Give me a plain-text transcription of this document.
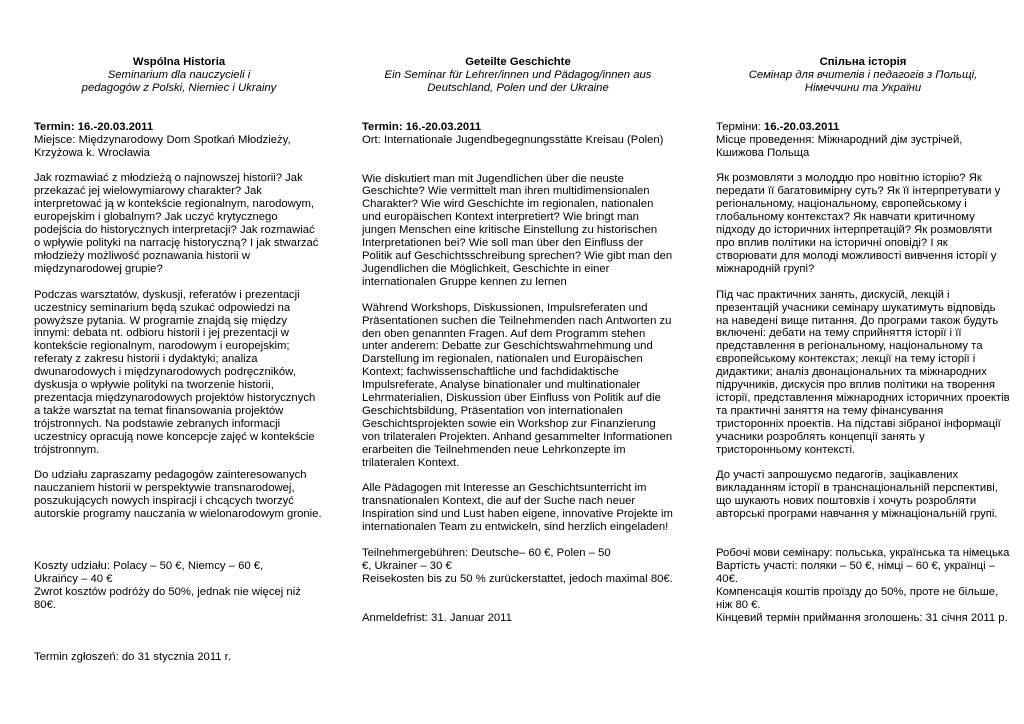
Wspólna Historia

Seminarium dla nauczycieli i pedagogów z Polski, Niemiec i Ukrainy

Termin: 16.-20.03.2011

Miejsce: Międzynarodowy Dom Spotkań Młodzieży, Krzyżowa k. Wrocławia

Jak rozmawiać z młodzieżą o najnowszej historii? Jak przekazać jej wielowymiarowy charakter? Jak interpretować ją w kontekście regionalnym, narodowym, europejskim i globalnym? Jak uczyć krytycznego podejścia do historycznych interpretacji? Jak rozmawiać o wpływie polityki na narrację historyczną? I jak stwarzać młodzieży możliwość poznawania historii w międzynarodowej grupie?

Podczas warsztatów, dyskusji, referatów i prezentacji uczestnicy seminarium będą szukać odpowiedzi na powyższe pytania. W programie znajdą się między innymi: debata nt. odbioru historii i jej prezentacji w kontekście regionalnym, narodowym i europejskim; referaty z zakresu historii i dydaktyki; analiza dwunarodowych i międzynarodowych podręczników, dyskusja o wpływie polityki na tworzenie historii, prezentacja międzynarodowych projektów historycznych a także warsztat na temat finansowania projektów trójstronnych. Na podstawie zebranych informacji uczestnicy opracują nowe koncepcje zajęć w kontekście trójstronnym.

Do udziału zapraszamy pedagogów zainteresowanych nauczaniem historii w perspektywie transnarodowej, poszukujących nowych inspiracji i chcących tworzyć autorskie programy nauczania w wielonarodowym gronie.

Koszty udziału: Polacy – 50 €, Niemcy – 60 €, Ukraińcy – 40 €

Zwrot kosztów podróży do 50%, jednak nie więcej niż 80€.

Termin zgłoszeń: do 31 stycznia 2011 r.

Geteilte Geschichte

Ein Seminar für Lehrer/innen und Pädagog/innen aus Deutschland, Polen und der Ukraine

Termin: 16.-20.03.2011

Ort: Internationale Jugendbegegnungsstätte Kreisau (Polen)

Wie diskutiert man mit Jugendlichen über die neuste Geschichte? Wie vermittelt man ihren multidimensionalen Charakter? Wie wird Geschichte im regionalen, nationalen und europäischen Kontext interpretiert? Wie bringt man jungen Menschen eine kritische Einstellung zu historischen Interpretationen bei? Wie soll man über den Einfluss der Politik auf Geschichtsschreibung sprechen? Wie gibt man den Jugendlichen die Möglichkeit, Geschichte in einer internationalen Gruppe kennen zu lernen

Während Workshops, Diskussionen, Impulsreferaten und Präsentationen suchen die Teilnehmenden nach Antworten zu den oben genannten Fragen. Auf dem Programm stehen unter anderem: Debatte zur Geschichtswahrnehmung und Darstellung im regionalen, nationalen und Europäischen Kontext; fachwissenschaftliche und fachdidaktische Impulsreferate, Analyse binationaler und multinationaler Lehrmaterialien, Diskussion über Einfluss von Politik auf die Geschichtsbildung, Präsentation von internationalen Geschichtsprojekten sowie ein Workshop zur Finanzierung von trilateralen Projekten. Anhand gesammelter Informationen erarbeiten die Teilnehmenden neue Lehrkonzepte im trilateralen Kontext.

Alle Pädagogen mit Interesse an Geschichtsunterricht im transnationalen Kontext, die auf der Suche nach neuer Inspiration sind und Lust haben eigene, innovative Projekte im internationalen Team zu entwickeln, sind herzlich eingeladen!

Teilnehmergebühren: Deutsche– 60 €, Polen – 50 €, Ukrainer – 30 €

Reisekosten bis zu 50 % zurückerstattet, jedoch maximal 80€.

Anmeldefrist: 31. Januar 2011

Спільна історія

Семінар для вчителів і педагогів з Польщі, Німеччини та України

Терміни: 16.-20.03.2011

Місце проведення: Міжнародний дім зустрічей, Кшижова Польща

Як розмовляти з молоддю про новітню історію? Як передати її багатовимірну суть? Як її інтерпретувати у регіональному, національному, європейському і глобальному контекстах? Як навчати критичному підходу до історичних інтерпретацій? Як розмовляти про вплив політики на історичні оповіді? І як створювати для молоді можливості вивчення історії у міжнародній групі?

Під час практичних занять, дискусій, лекцій і презентацій учасники семінару шукатимуть відповідь на наведені вище питання. До програми також будуть включені: дебати на тему сприйняття історії і її представлення в регіональному, національному та європейському контекстах; лекції на тему історії і дидактики; аналіз двонаціональних та міжнародних підручників, дискусія про вплив політики на творення історії, представлення міжнародних історичних проектів та практичні заняття на тему фінансування тристоронніх проектів. На підставі зібраної інформації учасники розроблять концепції занять у тристоронньому контексті.

До участі запрошуємо педагогів, зацікавлених викладанням історії в транснаціональній перспективі, що шукають нових поштовхів і хочуть розробляти авторські програми навчання у міжнаціональній групі.

Робочі мови семінару: польська, українська та німецька

Вартість участі: поляки – 50 €, німці – 60 €, українці – 40€.

Компенсація коштів проїзду до 50%, проте не більше, ніж 80 €.

Кінцевий термін приймання зголошень: 31 січня 2011 р.
